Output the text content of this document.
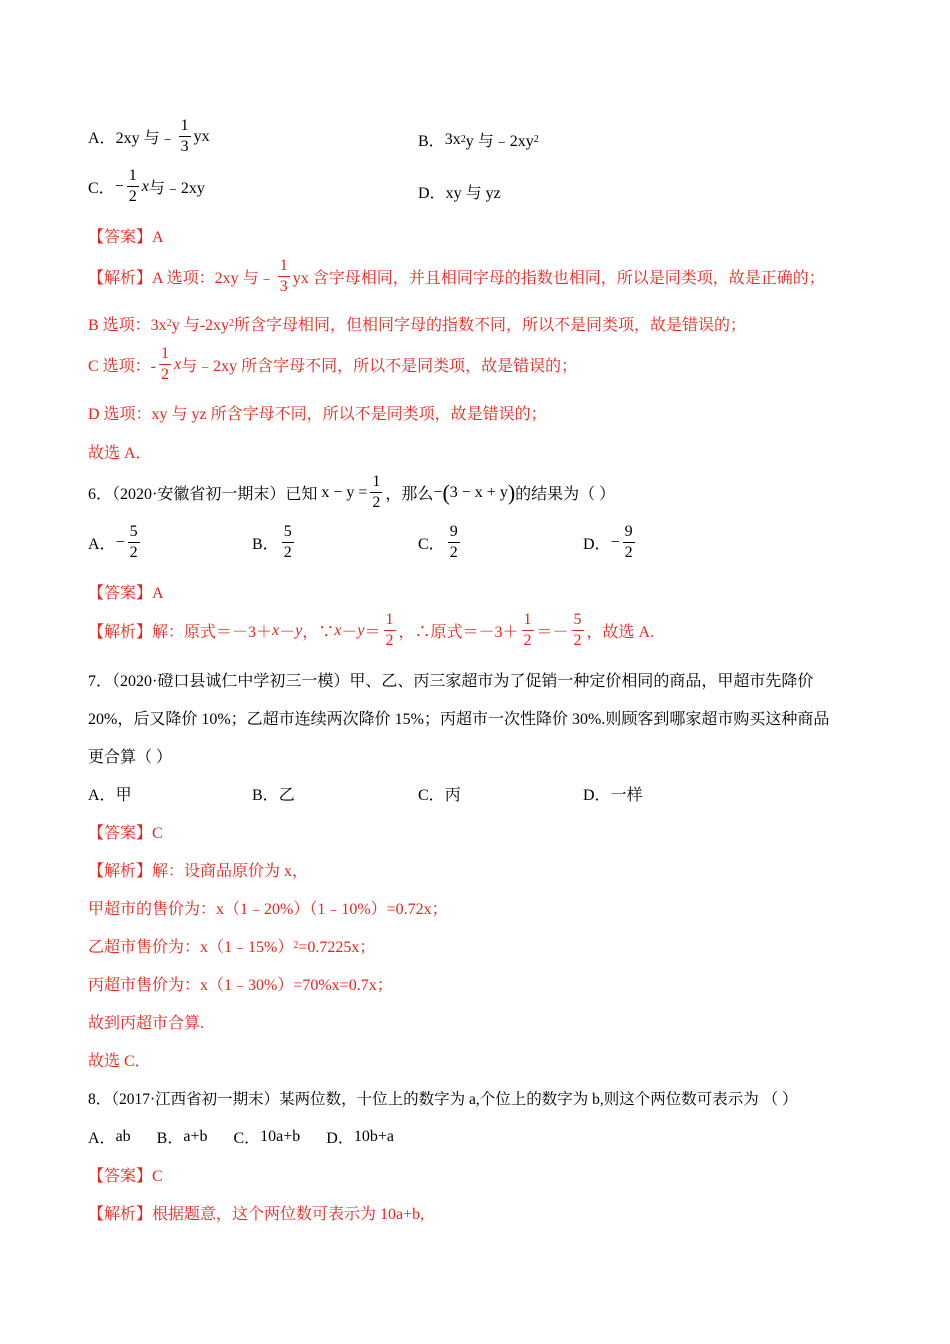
A． 2xy 与﹣ $\frac{1}{3}$ yx	B． 3x 2 y 与﹣2xy 2
C． − $\frac{1}{2}$ x 与﹣2xy	D． xy 与 yz
【答案】A
【解析】A 选项：2xy 与﹣ $\frac{1}{3}$ yx 含字母相同，并且相同字母的指数也相同，所以是同类项，故是正确的；
B 选项：3x 2 y 与-2xy 2 所含字母相同，但相同字母的指数不同，所以不是同类项，故是错误的；
C 选项：- $\frac{1}{2}$ x 与﹣2xy 所含字母不同，所以不是同类项，故是错误的；
D 选项：xy 与 yz 所含字母不同，所以不是同类项，故是错误的；
故选 A．
6．（2020·安徽省初一期末）已知 $x - y = \frac{1}{2}$ ，那么 − ( 3 − x + y ) 的结果为（ ）
A． − $\frac{5}{2}$	B． $\frac{5}{2}$	C． $\frac{9}{2}$	D． − $\frac{9}{2}$
【答案】A
【解析】解：原式＝－3＋ x － y ，∵ $x - y = \frac{1}{2}$ ，∴原式$=-3+ \frac{1}{2} =- \frac{5}{2}$ ，故选 A.
7．（2020·磴口县诚仁中学初三一模）甲、乙、丙三家超市为了促销一种定价相同的商品，甲超市先降价
20%，后又降价 10%；乙超市连续两次降价 15%；丙超市一次性降价 30%.则顾客到哪家超市购买这种商品
更合算（ ）
A． 甲	B． 乙	C． 丙	D． 一样
【答案】C
【解析】解：设商品原价为 x，
甲超市的售价为：x（1﹣20%）（1﹣10%）=0.72x；
乙超市售价为：x（1﹣15%） 2 =0.7225x；
丙超市售价为：x（1﹣30%）=70%x=0.7x；
故到丙超市合算.
故选 C．
8．（2017·江西省初一期末）某两位数，十位上的数字为 a,个位上的数字为 b,则这个两位数可表示为 （ ）
A． ab B． a+b C． 10a+b D． 10b+a
【答案】C
【解析】根据题意，这个两位数可表示为 10a+b,
